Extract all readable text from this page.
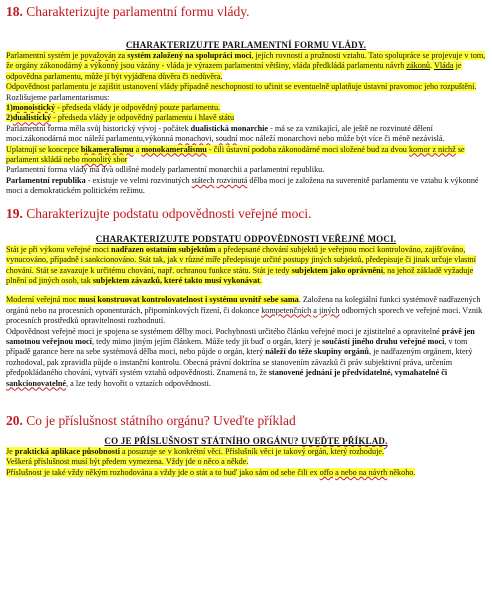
18. Charakterizujte parlamentní formu vlády.

CHARAKTERIZUJTE PARLAMENTNÍ FORMU VLÁDY.

Parlamentní systém je považován za systém založený na spolupráci moci, jejích rovnosti a pružnosti vztahu. Tato spolupráce se projevuje v tom, že orgány zákonodárný a výkonný jsou vázány - vláda je výrazem parlamentní většiny, vláda předkládá parlamentu návrh zákonů. Vláda je odpovědna parlamentu, může jí být vyjádřena důvěra či nedůvěra.

Odpovědnost parlamentu je zajištit ustanovení vlády případně neschopnosti to učinit se eventuelně uplatňuje ústavní pravomoc jeho rozpuštění.

Rozlišujeme parlamentarismus:

1)monoistický - předseda vlády je odpovědný pouze parlamentu.

2)dualistický - předseda vlády je odpovědný parlamentu i hlavě státu

Parlamentní forma měla svůj historický vývoj - počátek dualistická monarchie - má se za vznikající, ale ještě ne rozvinuté dělení moci.zákonodárná moc náleží parlamentu,výkonná monachovi, soudní moc náleží monarchovi nebo může být více či méně nezávislá.

Uplatnují se koncepce bikameralismu a monokameralismu - čili ústavní podoba zákonodárné moci složené bud za dvou komor z nichž se parlament skládá nebo monolitý sbor

Parlamentní forma vlády má dva odlišné modely parlamentní monarchii a parlamentní republiku.

Parlamentní republika - existuje ve velmi rozvinutých státech rozvinutá dělba moci je založena na suverenitě parlamentu ve vztahu k výkonné moci a demokratickém politickém režimu.

19. Charakterizujte podstatu odpovědnosti veřejné moci.

CHARAKTERIZUJTE PODSTATU ODPOVĚDNOSTI VEŘEJNÉ MOCI.

Stát je při výkonu veřejné moci nadřazen ostatním subjektům a předepsané chování subjektů je veřejnou mocí kontrolováno, zajišťováno, vynucováno, případně i sankcionováno. Stát tak, jak v různé míře předepisuje určité postupy jiných subjektů, předepisuje či jinak určuje vlastní chování. Stát se zavazuje k určitému chování, např. ochranou funkce státu. Stát je tedy subjektem jako oprávnění, na jehož základě vyžaduje plnění od jiných osob, tak subjektem závazků, které takto musí vykonávat.

Moderní veřejná moc musí konstruovat kontrolovatelnost i systému uvnitř sebe sama. Založena na kolegiální funkci systémově nadřazených orgánů nebo na procesních oponenturách, připomínkových řízení, či dokonce kompetenčních a jiných odborných sporech ve veřejné moci. Vznik procesních prostředků opravitelnosti rozhodnutí.

Odpovědnost veřejné moci je spojena se systémem dělby moci. Pochybnosti určitého článku veřejné moci je zjistitelné a opravitelné právě jen samotnou veřejnou mocí, tedy mimo jiným jejím článkem. Může tedy jít buď o orgán, který je součástí jiného druhu veřejné moci, v tom případě garance bere na sebe systémová dělba moci, nebo půjde o orgán, který náleží do téže skupiny orgánů, je nadřazeným orgánem, který rozhodoval, pak zpravidla půjde o instanční kontrolu. Obecná právní doktrína se stanovením závazků či práv subjektivní práva, určením předpokládaného chování, vytváří systém vztahů odpovědnosti. Znamená to, že stanovené jednání je předvídatelné, vymahatelné či sankcionovatelné, a lze tedy hovořit o vztazích odpovědnosti.

20. Co je příslušnost státního orgánu? Uveďte příklad

CO JE PŘÍSLUŠNOST STÁTNÍHO ORGÁNU? UVEĎTE PŘÍKLAD.

Je praktická aplikace působnosti a posuzuje se v konkrétní věci. Příslušník věci je takový orgán, který rozhoduje.

Veškerá příslušnost musí být předem vymezena. Vždy jde o něco a někde.

Příslušnost je také vždy někým rozhodována a vždy jde o stát a to buď jako sám od sebe čili ex offo a nebo na návrh někoho.
